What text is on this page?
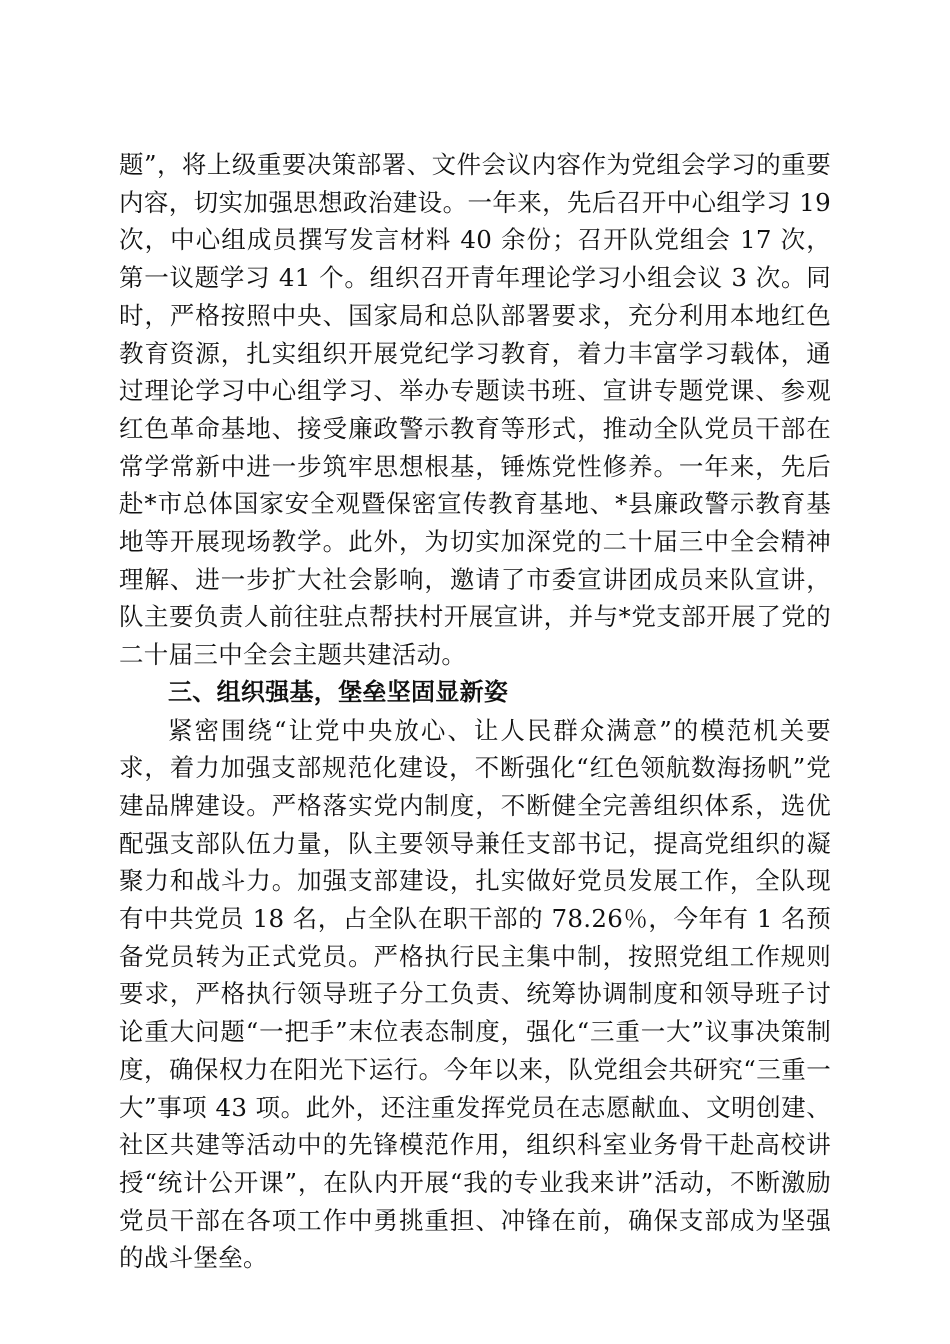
题”，将上级重要决策部署、文件会议内容作为党组会学习的重要内容，切实加强思想政治建设。一年来，先后召开中心组学习 19 次，中心组成员撰写发言材料 40 余份；召开队党组会 17 次，第一议题学习 41 个。组织召开青年理论学习小组会议 3 次。同时，严格按照中央、国家局和总队部署要求，充分利用本地红色教育资源，扎实组织开展党纪学习教育，着力丰富学习载体，通过理论学习中心组学习、举办专题读书班、宣讲专题党课、参观红色革命基地、接受廉政警示教育等形式，推动全队党员干部在常学常新中进一步筑牢思想根基，锤炼党性修养。一年来，先后赴*市总体国家安全观暨保密宣传教育基地、*县廉政警示教育基地等开展现场教学。此外，为切实加深党的二十届三中全会精神理解、进一步扩大社会影响，邀请了市委宣讲团成员来队宣讲，队主要负责人前往驻点帮扶村开展宣讲，并与*党支部开展了党的二十届三中全会主题共建活动。

三、组织强基，堡垒坚固显新姿

紧密围绕“让党中央放心、让人民群众满意”的模范机关要求，着力加强支部规范化建设，不断强化“红色领航数海扬帆”党建品牌建设。严格落实党内制度，不断健全完善组织体系，选优配强支部队伍力量，队主要领导兼任支部书记，提高党组织的凝聚力和战斗力。加强支部建设，扎实做好党员发展工作，全队现有中共党员 18 名，占全队在职干部的 78.26％，今年有 1 名预备党员转为正式党员。严格执行民主集中制，按照党组工作规则要求，严格执行领导班子分工负责、统筹协调制度和领导班子讨论重大问题“一把手”末位表态制度，强化“三重一大”议事决策制度，确保权力在阳光下运行。今年以来，队党组会共研究“三重一大”事项 43 项。此外，还注重发挥党员在志愿献血、文明创建、社区共建等活动中的先锋模范作用，组织科室业务骨干赴高校讲授“统计公开课”，在队内开展“我的专业我来讲”活动，不断激励党员干部在各项工作中勇挑重担、冲锋在前，确保支部成为坚强的战斗堡垒。
